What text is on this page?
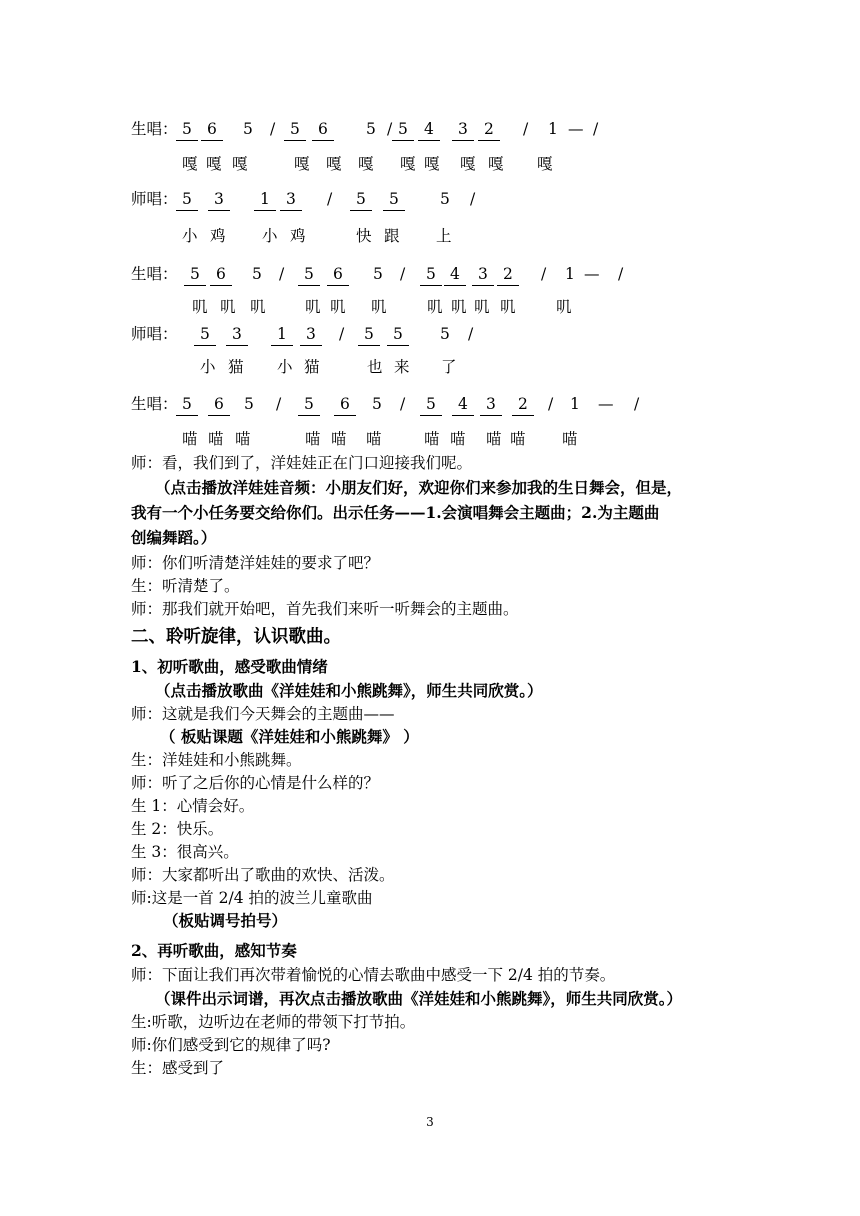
生唱： 5 6	5 / 5	6	5 / 5	4	3	2	/ 1 — /
嘎 嘎 嘎	嘎 嘎 嘎 嘎 嘎 嘎 嘎 嘎
师唱： 5	3	1	3	/	5	5	5 /
小 鸡 小 鸡	快 跟 上
生唱： 5	6	5 /	5	6	5 /	5 4	3 2	/ 1 — /
叽 叽 叽	叽 叽 叽	叽 叽 叽 叽	叽
师唱：	5	3	1	3	/	5	5	5 /
小 猫 小 猫	也 来 了
生唱： 5	6	5 /	5	6	5 /	5	4	3	2	/ 1 — /
喵 喵 喵	喵 喵 喵	喵 喵 喵 喵 喵
师：看，我们到了，洋娃娃正在门口迎接我们呢。
（点击播放洋娃娃音频：小朋友们好，欢迎你们来参加我的生日舞会，但是，
我有一个小任务要交给你们。出示任务——1.会演唱舞会主题曲；2.为主题曲
创编舞蹈。）
师：你们听清楚洋娃娃的要求了吧？
生：听清楚了。
师：那我们就开始吧，首先我们来听一听舞会的主题曲。
二、聆听旋律，认识歌曲。
1、初听歌曲，感受歌曲情绪
（点击播放歌曲《洋娃娃和小熊跳舞》，师生共同欣赏。）
师：这就是我们今天舞会的主题曲——
（ 板贴课题《洋娃娃和小熊跳舞》 ）
生：洋娃娃和小熊跳舞。
师：听了之后你的心情是什么样的？
生 1：心情会好。
生 2：快乐。
生 3：很高兴。
师：大家都听出了歌曲的欢快、活泼。
师:这是一首 2/4 拍的波兰儿童歌曲
（板贴调号拍号）
2、再听歌曲，感知节奏
师：下面让我们再次带着愉悦的心情去歌曲中感受一下 2/4 拍的节奏。
（课件出示词谱，再次点击播放歌曲《洋娃娃和小熊跳舞》，师生共同欣赏。）
生:听歌，边听边在老师的带领下打节拍。
师:你们感受到它的规律了吗?
生：感受到了
3
